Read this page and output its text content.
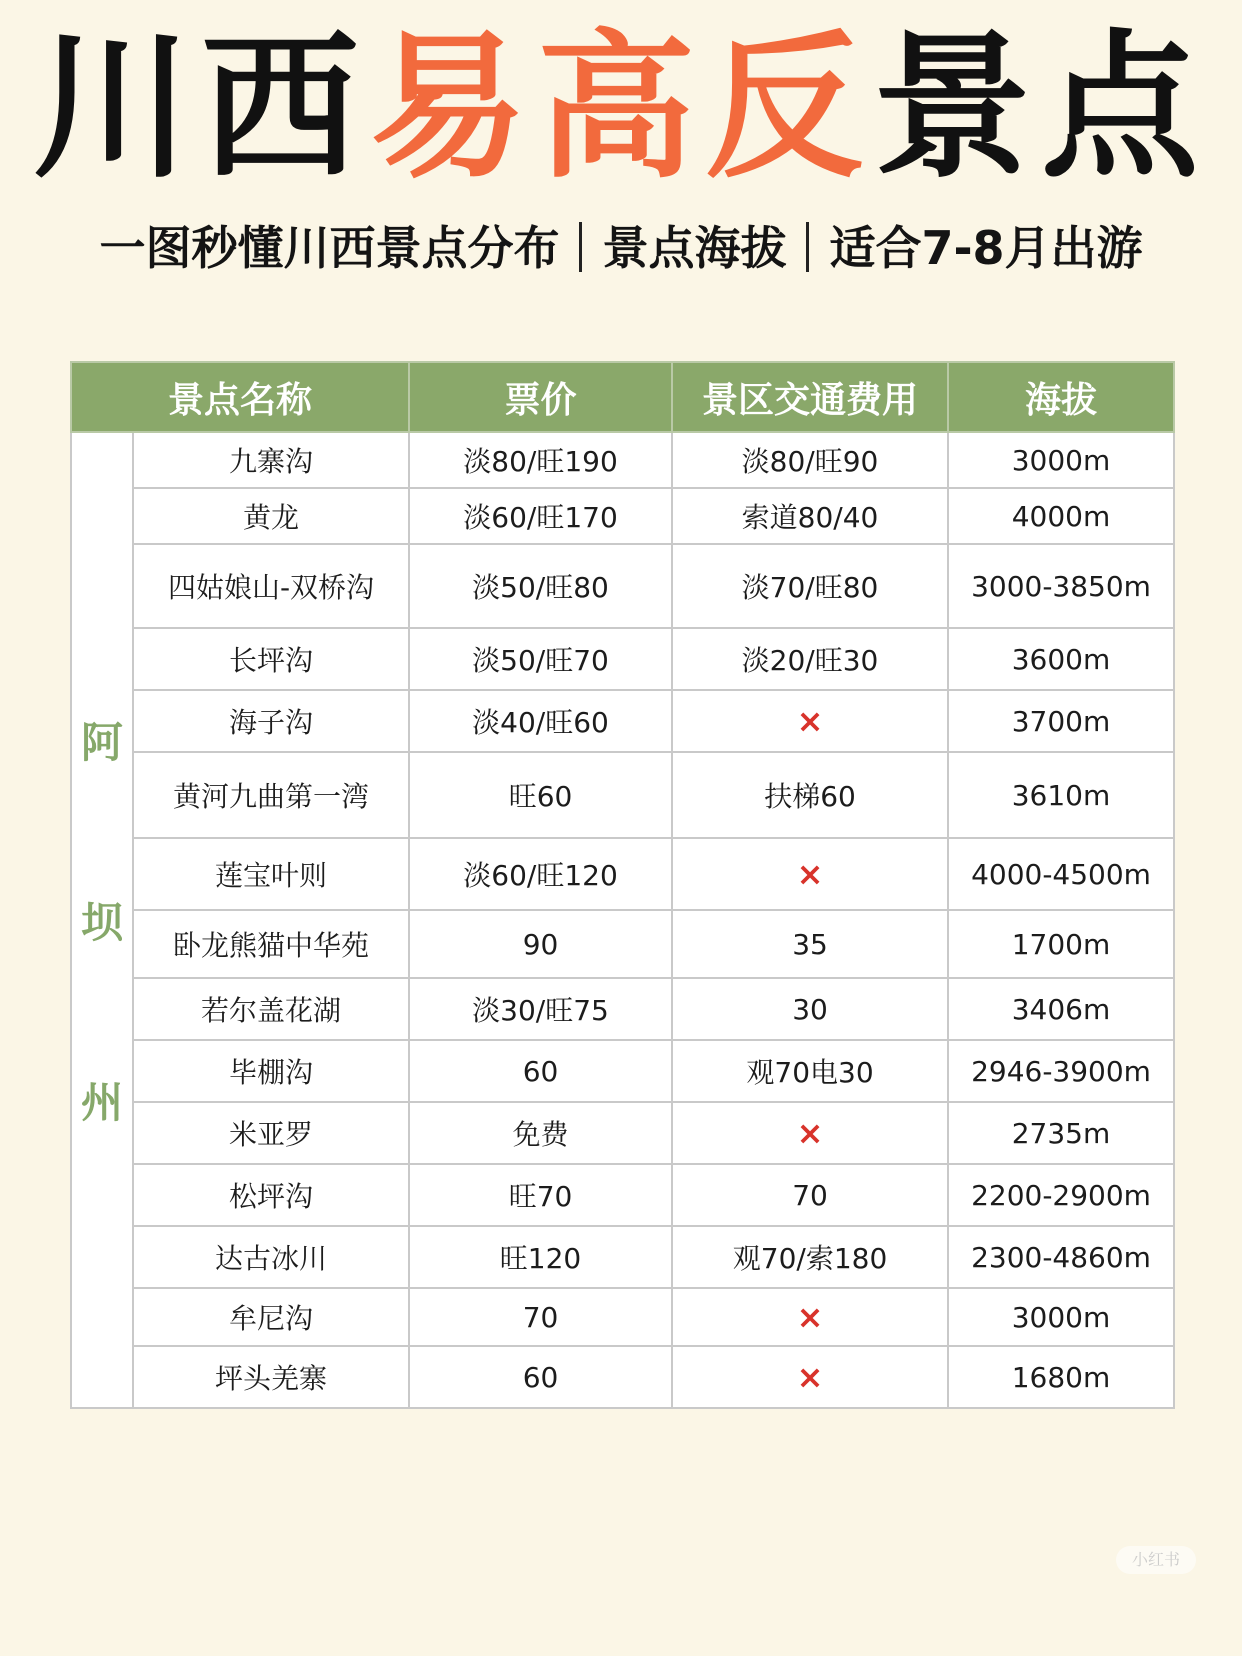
川西易高反景点
一图秒懂川西景点分布 景点海拔 适合7-8月出游
景点名称		票价	景区交通费用	海拔

阿
坝
州	九寨沟	淡80/旺190	淡80/旺90	3000m
	黄龙	淡60/旺170	索道80/40	4000m
	四姑娘山-双桥沟	淡50/旺80	淡70/旺80	3000-3850m
	长坪沟	淡50/旺70	淡20/旺30	3600m
	海子沟	淡40/旺60	×	3700m
	黄河九曲第一湾	旺60	扶梯60	3610m
	莲宝叶则	淡60/旺120	×	4000-4500m
	卧龙熊猫中华苑	90	35	1700m
	若尔盖花湖	淡30/旺75	30	3406m
	毕棚沟	60	观70电30	2946-3900m
	米亚罗	免费	×	2735m
	松坪沟	旺70	70	2200-2900m
	达古冰川	旺120	观70/索180	2300-4860m
	牟尼沟	70	×	3000m
	坪头羌寨	60	×	1680m
小红书
